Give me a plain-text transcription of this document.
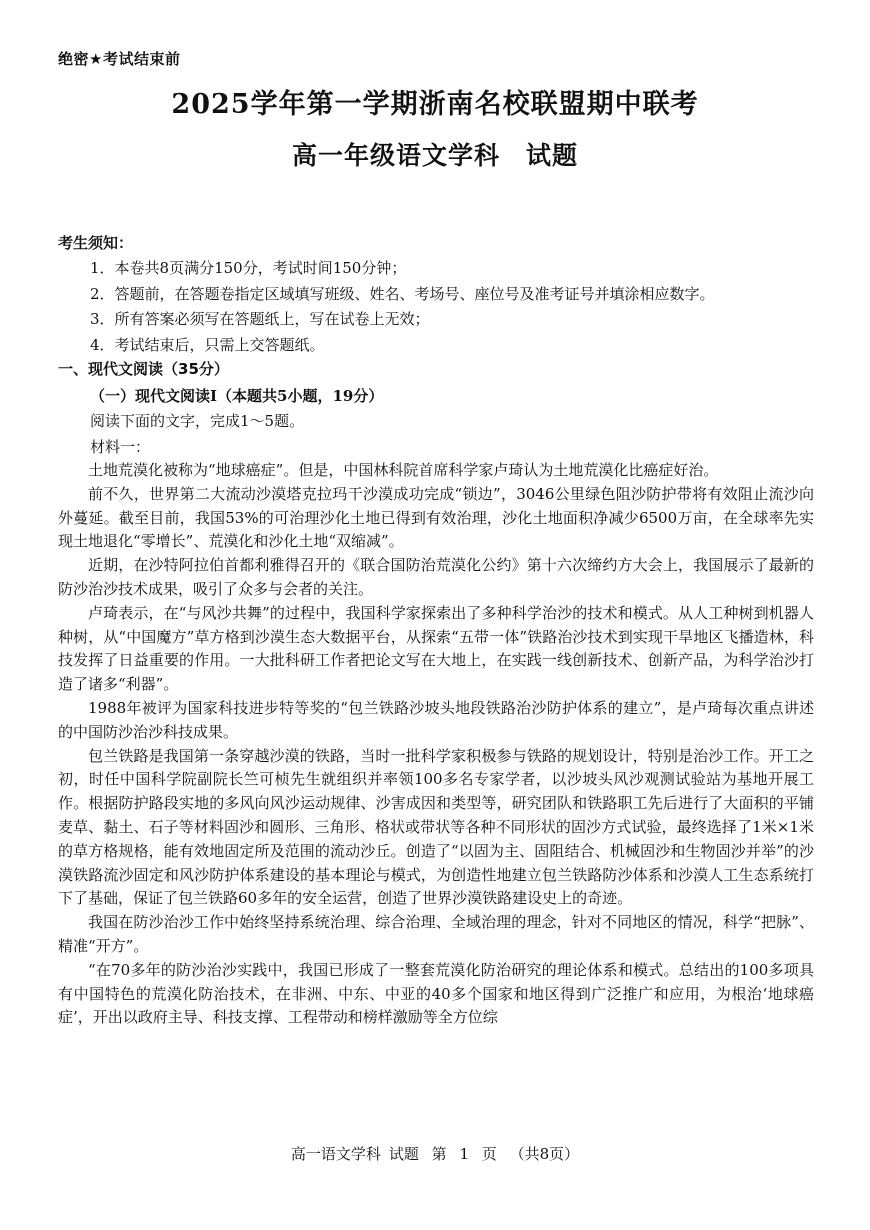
绝密★考试结束前
2025学年第一学期浙南名校联盟期中联考
高一年级语文学科　试题
考生须知：
1．本卷共8页满分150分，考试时间150分钟；
2．答题前，在答题卷指定区域填写班级、姓名、考场号、座位号及准考证号并填涂相应数字。
3．所有答案必须写在答题纸上，写在试卷上无效；
4．考试结束后，只需上交答题纸。
一、现代文阅读（35分）
（一）现代文阅读Ⅰ（本题共5小题，19分）
阅读下面的文字，完成1～5题。
材料一：

土地荒漠化被称为“地球癌症”。但是，中国林科院首席科学家卢琦认为土地荒漠化比癌症好治。

前不久，世界第二大流动沙漠塔克拉玛干沙漠成功完成“锁边”，3046公里绿色阻沙防护带将有效阻止流沙向外蔓延。截至目前，我国53%的可治理沙化土地已得到有效治理，沙化土地面积净减少6500万亩，在全球率先实现土地退化“零增长”、荒漠化和沙化土地“双缩减”。

近期，在沙特阿拉伯首都利雅得召开的《联合国防治荒漠化公约》第十六次缔约方大会上，我国展示了最新的防沙治沙技术成果，吸引了众多与会者的关注。

卢琦表示，在“与风沙共舞”的过程中，我国科学家探索出了多种科学治沙的技术和模式。从人工种树到机器人种树，从“中国魔方”草方格到沙漠生态大数据平台，从探索“五带一体”铁路治沙技术到实现干旱地区飞播造林，科技发挥了日益重要的作用。一大批科研工作者把论文写在大地上，在实践一线创新技术、创新产品，为科学治沙打造了诸多“利器”。

1988年被评为国家科技进步特等奖的“包兰铁路沙坡头地段铁路治沙防护体系的建立”，是卢琦每次重点讲述的中国防沙治沙科技成果。

包兰铁路是我国第一条穿越沙漠的铁路，当时一批科学家积极参与铁路的规划设计，特别是治沙工作。开工之初，时任中国科学院副院长竺可桢先生就组织并率领100多名专家学者，以沙坡头风沙观测试验站为基地开展工作。根据防护路段实地的多风向风沙运动规律、沙害成因和类型等，研究团队和铁路职工先后进行了大面积的平铺麦草、黏土、石子等材料固沙和圆形、三角形、格状或带状等各种不同形状的固沙方式试验，最终选择了1米×1米的草方格规格，能有效地固定所及范围的流动沙丘。创造了“以固为主、固阻结合、机械固沙和生物固沙并举”的沙漠铁路流沙固定和风沙防护体系建设的基本理论与模式，为创造性地建立包兰铁路防沙体系和沙漠人工生态系统打下了基础，保证了包兰铁路60多年的安全运营，创造了世界沙漠铁路建设史上的奇迹。

我国在防沙治沙工作中始终坚持系统治理、综合治理、全域治理的理念，针对不同地区的情况，科学“把脉”、精准“开方”。

“在70多年的防沙治沙实践中，我国已形成了一整套荒漠化防治研究的理论体系和模式。总结出的100多项具有中国特色的荒漠化防治技术，在非洲、中东、中亚的40多个国家和地区得到广泛推广和应用，为根治‘地球癌症’，开出以政府主导、科技支撑、工程带动和榜样激励等全方位综

高一语文学科 试题 第 1 页 （共8页）
